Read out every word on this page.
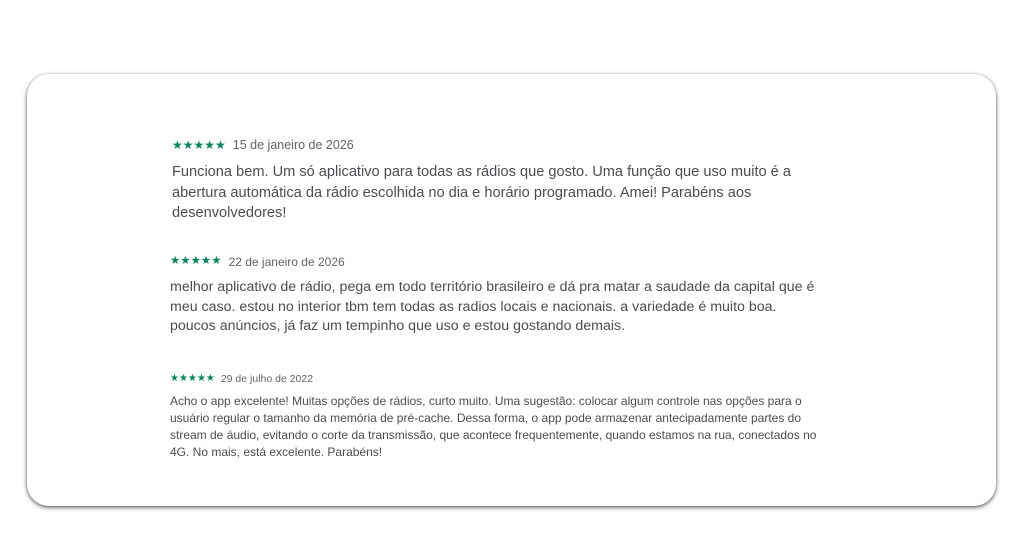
★★★★★ 15 de janeiro de 2026

Funciona bem. Um só aplicativo para todas as rádios que gosto. Uma função que uso muito é a abertura automática da rádio escolhida no dia e horário programado. Amei! Parabéns aos desenvolvedores!

★★★★★ 22 de janeiro de 2026

melhor aplicativo de rádio, pega em todo território brasileiro e dá pra matar a saudade da capital que é meu caso. estou no interior tbm tem todas as radios locais e nacionais. a variedade é muito boa. poucos anúncios, já faz um tempinho que uso e estou gostando demais.

★★★★★ 29 de julho de 2022

Acho o app excelente! Muitas opções de rádios, curto muito. Uma sugestão: colocar algum controle nas opções para o usuário regular o tamanho da memória de pré-cache. Dessa forma, o app pode armazenar antecipadamente partes do stream de áudio, evitando o corte da transmissão, que acontece frequentemente, quando estamos na rua, conectados no 4G. No mais, está excelente. Parabéns!
